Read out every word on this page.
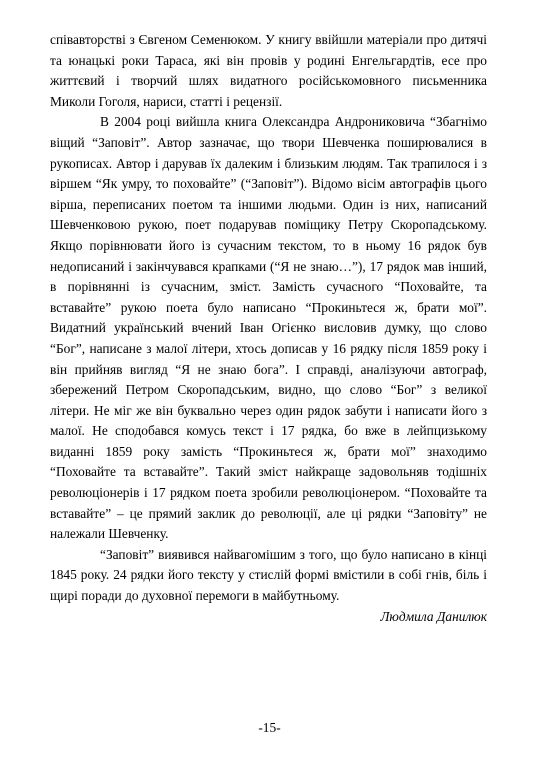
співавторстві з Євгеном Семенюком. У книгу ввійшли матеріали про дитячі та юнацькі роки Тараса, які він провів у родині Енгельгардтів, есе про життєвий і творчий шлях видатного російськомовного письменника Миколи Гоголя, нариси, статті і рецензії.

В 2004 році вийшла книга Олександра Андрониковича “Збагнімо віщий “Заповіт”. Автор зазначає, що твори Шевченка поширювалися в рукописах. Автор і дарував їх далеким і близьким людям. Так трапилося і з віршем “Як умру, то поховайте” (“Заповіт”). Відомо вісім автографів цього вірша, переписаних поетом та іншими людьми. Один із них, написаний Шевченковою рукою, поет подарував поміщику Петру Скоропадському. Якщо порівнювати його із сучасним текстом, то в ньому 16 рядок був недописаний і закінчувався крапками (“Я не знаю…”), 17 рядок мав інший, в порівнянні із сучасним, зміст. Замість сучасного “Поховайте, та вставайте” рукою поета було написано “Прокиньтеся ж, брати мої”. Видатний український вчений Іван Огієнко висловив думку, що слово “Бог”, написане з малої літери, хтось дописав у 16 рядку після 1859 року і він прийняв вигляд “Я не знаю бога”. І справді, аналізуючи автограф, збережений Петром Скоропадським, видно, що слово “Бог” з великої літери. Не міг же він буквально через один рядок забути і написати його з малої. Не сподобався комусь текст і 17 рядка, бо вже в лейпцизькому виданні 1859 року замість “Прокиньтеся ж, брати мої” знаходимо “Поховайте та вставайте”. Такий зміст найкраще задовольняв тодішніх революціонерів і 17 рядком поета зробили революціонером. “Поховайте та вставайте” – це прямий заклик до революції, але ці рядки “Заповіту” не належали Шевченку.

“Заповіт” виявився найвагомішим з того, що було написано в кінці 1845 року. 24 рядки його тексту у стислій формі вмістили в собі гнів, біль і щирі поради до духовної перемоги в майбутньому.

Людмила Данилюк

-15-
